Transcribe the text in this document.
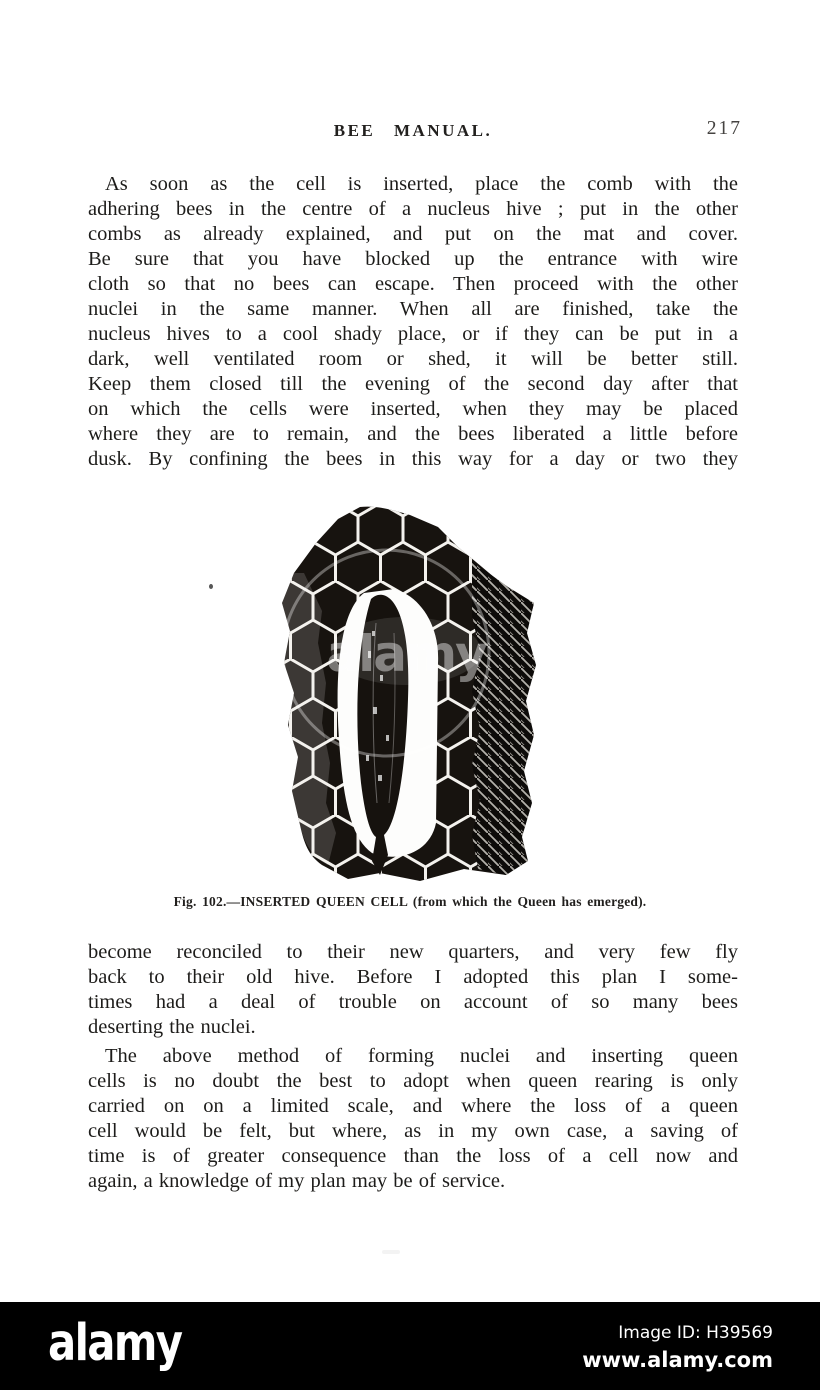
BEE MANUAL.	217
As soon as the cell is inserted, place the comb with the
adhering bees in the centre of a nucleus hive ; put in the other
combs as already explained, and put on the mat and cover.
Be sure that you have blocked up the entrance with wire
cloth so that no bees can escape. Then proceed with the other
nuclei in the same manner. When all are finished, take the
nucleus hives to a cool shady place, or if they can be put in a
dark, well ventilated room or shed, it will be better still.
Keep them closed till the evening of the second day after that
on which the cells were inserted, when they may be placed
where they are to remain, and the bees liberated a little before
dusk. By confining the bees in this way for a day or two they
alamy
Fig. 102.—INSERTED QUEEN CELL (from which the Queen has emerged).
become reconciled to their new quarters, and very few fly
back to their old hive. Before I adopted this plan I some-
times had a deal of trouble on account of so many bees
deserting the nuclei.
The above method of forming nuclei and inserting queen
cells is no doubt the best to adopt when queen rearing is only
carried on on a limited scale, and where the loss of a queen
cell would be felt, but where, as in my own case, a saving of
time is of greater consequence than the loss of a cell now and
again, a knowledge of my plan may be of service.
alamy	Image ID: H39569
www.alamy.com
